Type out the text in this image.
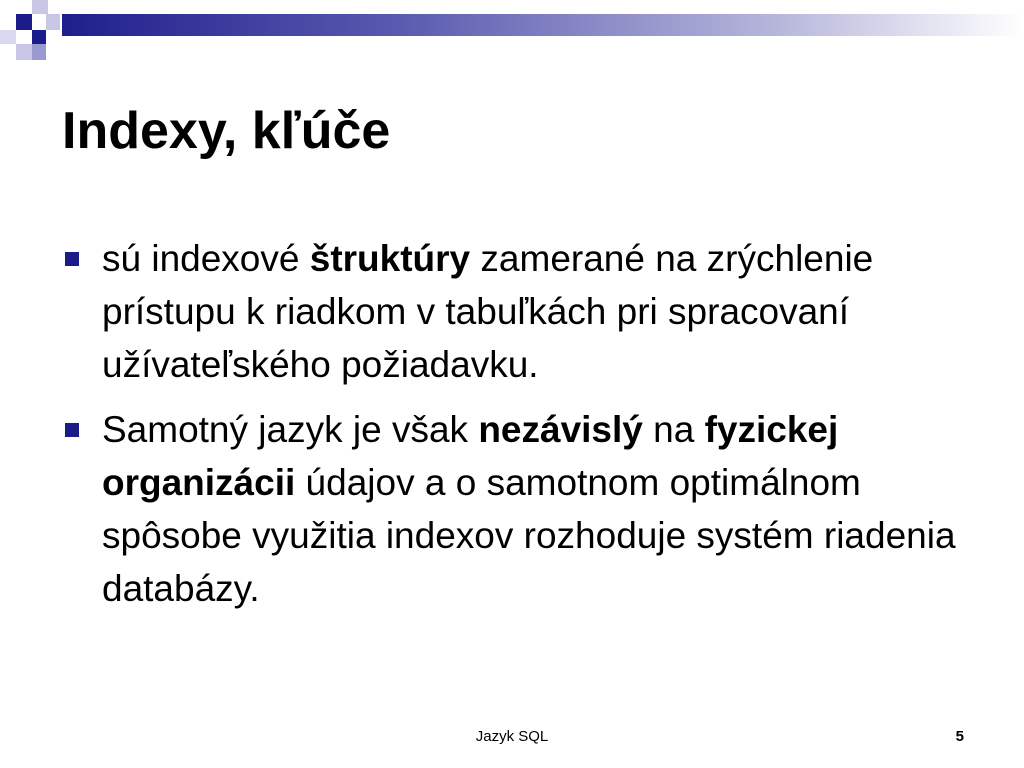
Indexy, kľúče
sú indexové štruktúry zamerané na zrýchlenie prístupu k riadkom v tabuľkách pri spracovaní užívateľského požiadavku.
Samotný jazyk je však nezávislý na fyzickej organizácii údajov a o samotnom optimálnom spôsobe využitia indexov rozhoduje systém riadenia databázy.
Jazyk SQL	5
